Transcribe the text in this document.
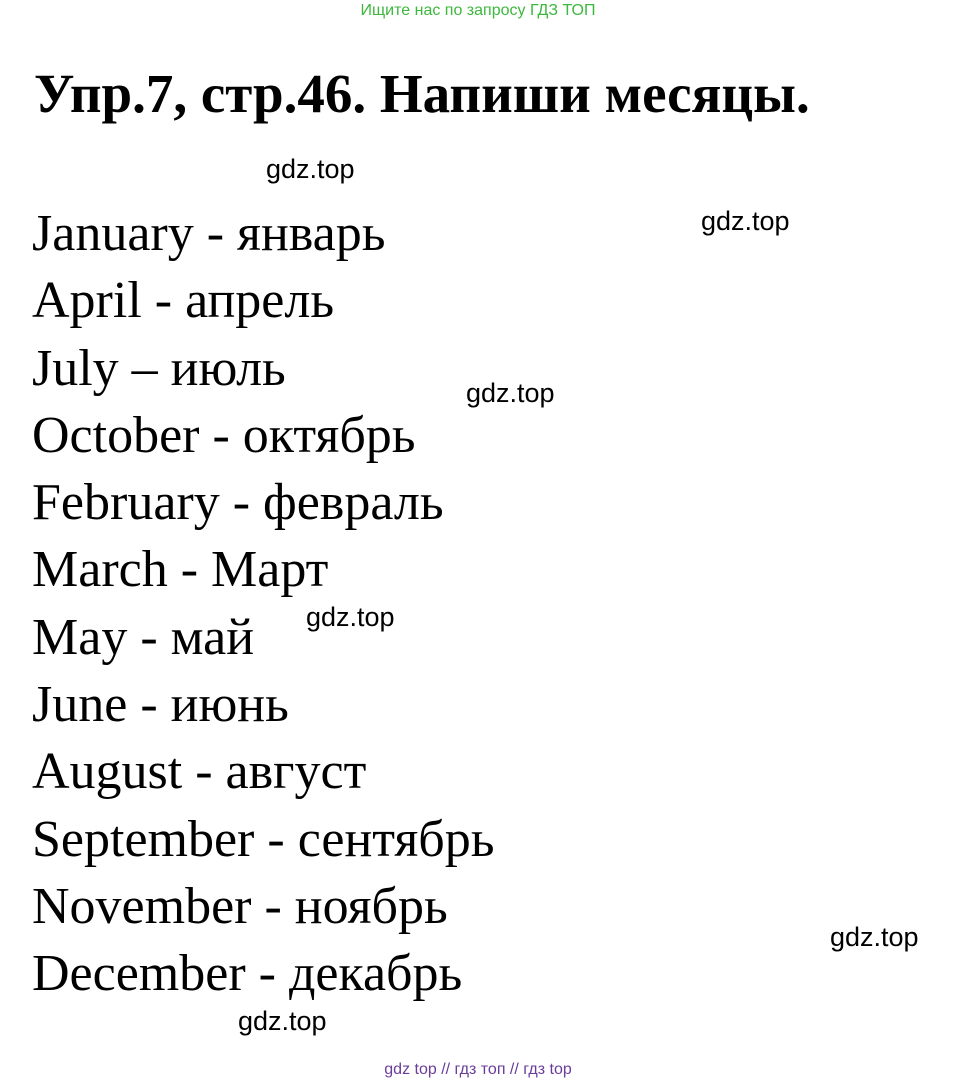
Ищите нас по запросу ГДЗ ТОП
Упр.7, стр.46. Напиши месяцы.
January - январь
April - апрель
July – июль
October - октябрь
February - февраль
March - Март
May - май
June - июнь
August - август
September - сентябрь
November - ноябрь
December - декабрь
gdz.top
gdz.top
gdz.top
gdz.top
gdz.top
gdz.top
gdz top // гдз топ // гдз top
